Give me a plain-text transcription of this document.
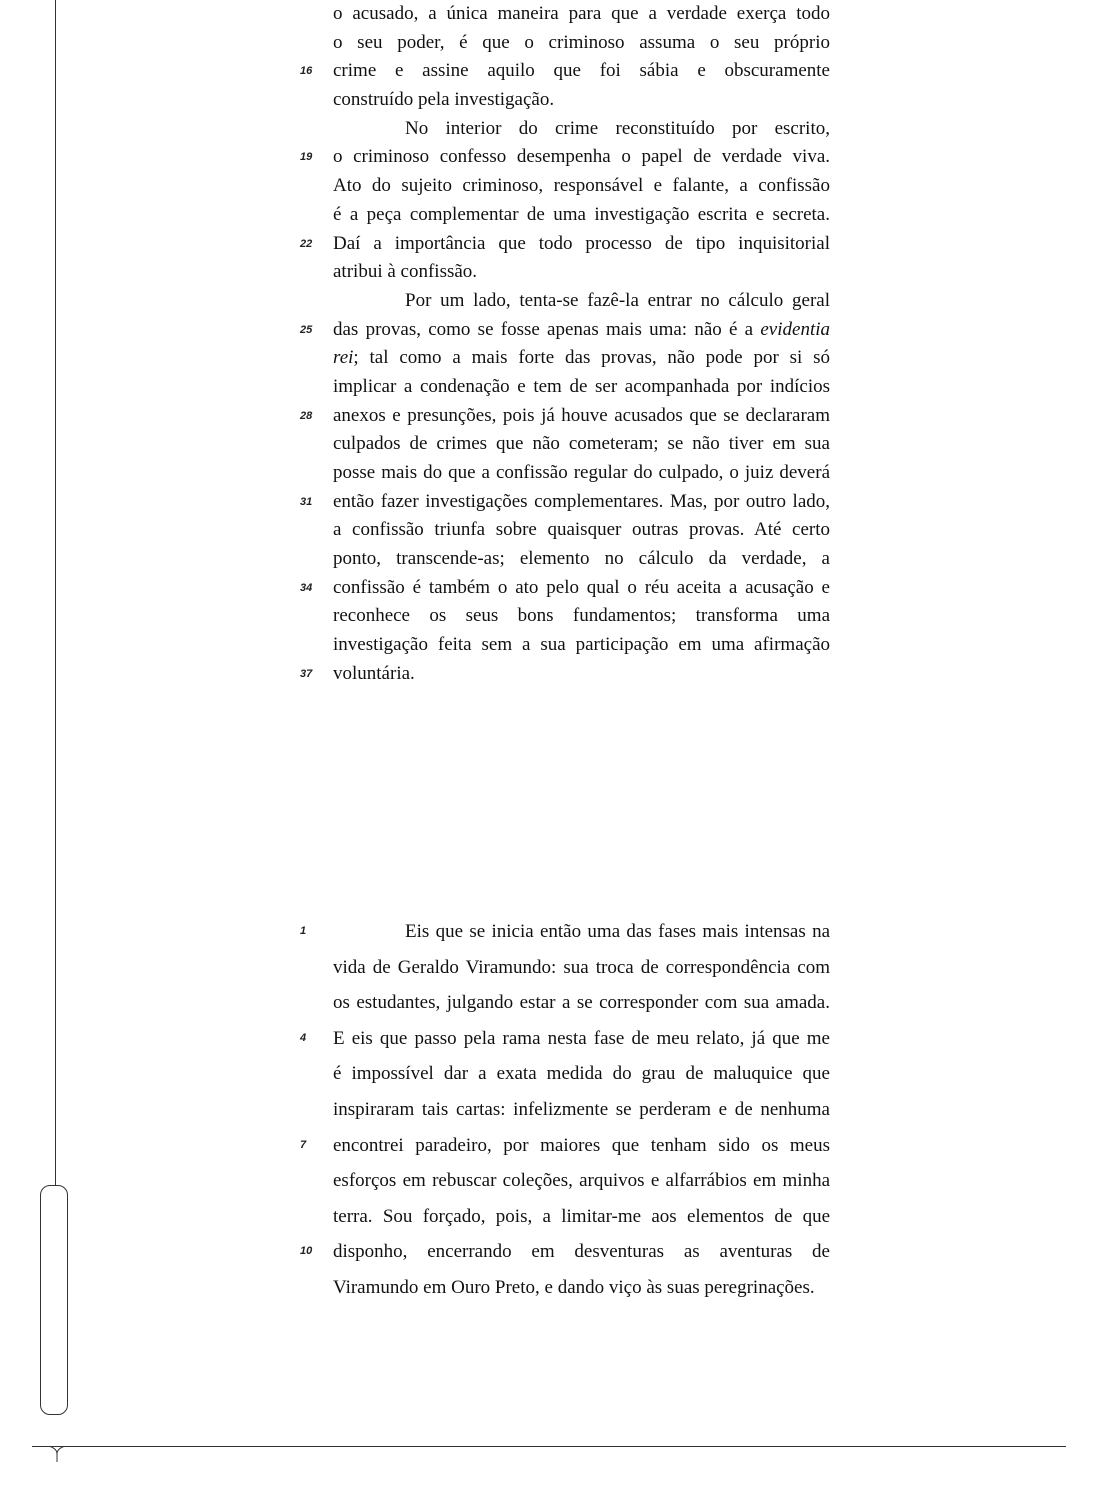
o acusado, a única maneira para que a verdade exerça todo
o seu poder, é que o criminoso assuma o seu próprio
16	crime e assine aquilo que foi sábia e obscuramente
construído pela investigação.
No interior do crime reconstituído por escrito,
19	o criminoso confesso desempenha o papel de verdade viva.
Ato do sujeito criminoso, responsável e falante, a confissão
é a peça complementar de uma investigação escrita e secreta.
22	Daí a importância que todo processo de tipo inquisitorial
atribui à confissão.
Por um lado, tenta-se fazê-la entrar no cálculo geral
25	das provas, como se fosse apenas mais uma: não é a evidentia
rei; tal como a mais forte das provas, não pode por si só
implicar a condenação e tem de ser acompanhada por indícios
28	anexos e presunções, pois já houve acusados que se declararam
culpados de crimes que não cometeram; se não tiver em sua
posse mais do que a confissão regular do culpado, o juiz deverá
31	então fazer investigações complementares. Mas, por outro lado,
a confissão triunfa sobre quaisquer outras provas. Até certo
ponto, transcende-as; elemento no cálculo da verdade, a
34	confissão é também o ato pelo qual o réu aceita a acusação e
reconhece os seus bons fundamentos; transforma uma
investigação feita sem a sua participação em uma afirmação
37	voluntária.
1	Eis que se inicia então uma das fases mais intensas na
vida de Geraldo Viramundo: sua troca de correspondência com
os estudantes, julgando estar a se corresponder com sua amada.
4	E eis que passo pela rama nesta fase de meu relato, já que me
é impossível dar a exata medida do grau de maluquice que
inspiraram tais cartas: infelizmente se perderam e de nenhuma
7	encontrei paradeiro, por maiores que tenham sido os meus
esforços em rebuscar coleções, arquivos e alfarrábios em minha
terra. Sou forçado, pois, a limitar-me aos elementos de que
10	disponho, encerrando em desventuras as aventuras de
Viramundo em Ouro Preto, e dando viço às suas peregrinações.
